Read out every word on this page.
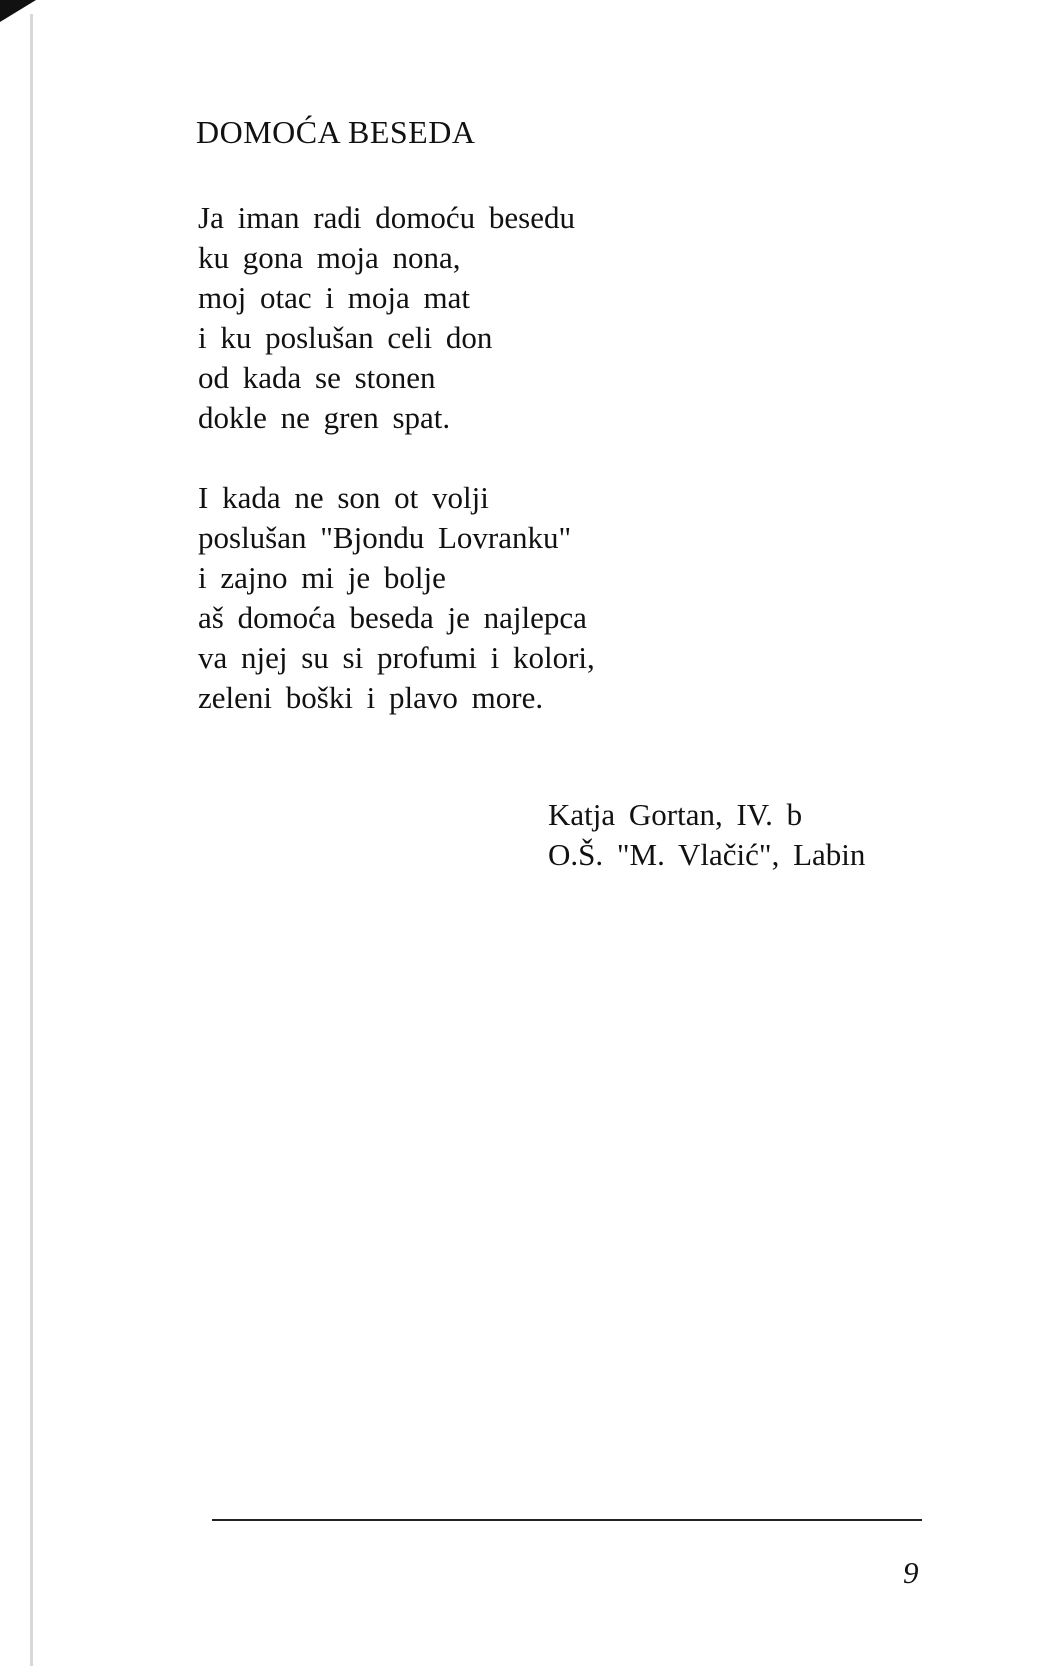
DOMOĆA BESEDA
Ja iman radi domoću besedu
ku gona moja nona,
moj otac i moja mat
i ku poslušan celi don
od kada se stonen
dokle ne gren spat.
I kada ne son ot volji
poslušan "Bjondu Lovranku"
i zajno mi je bolje
aš domoća beseda je najlepca
va njej su si profumi i kolori,
zeleni boški i plavo more.
Katja Gortan, IV. b
O.Š. "M. Vlačić", Labin
9
